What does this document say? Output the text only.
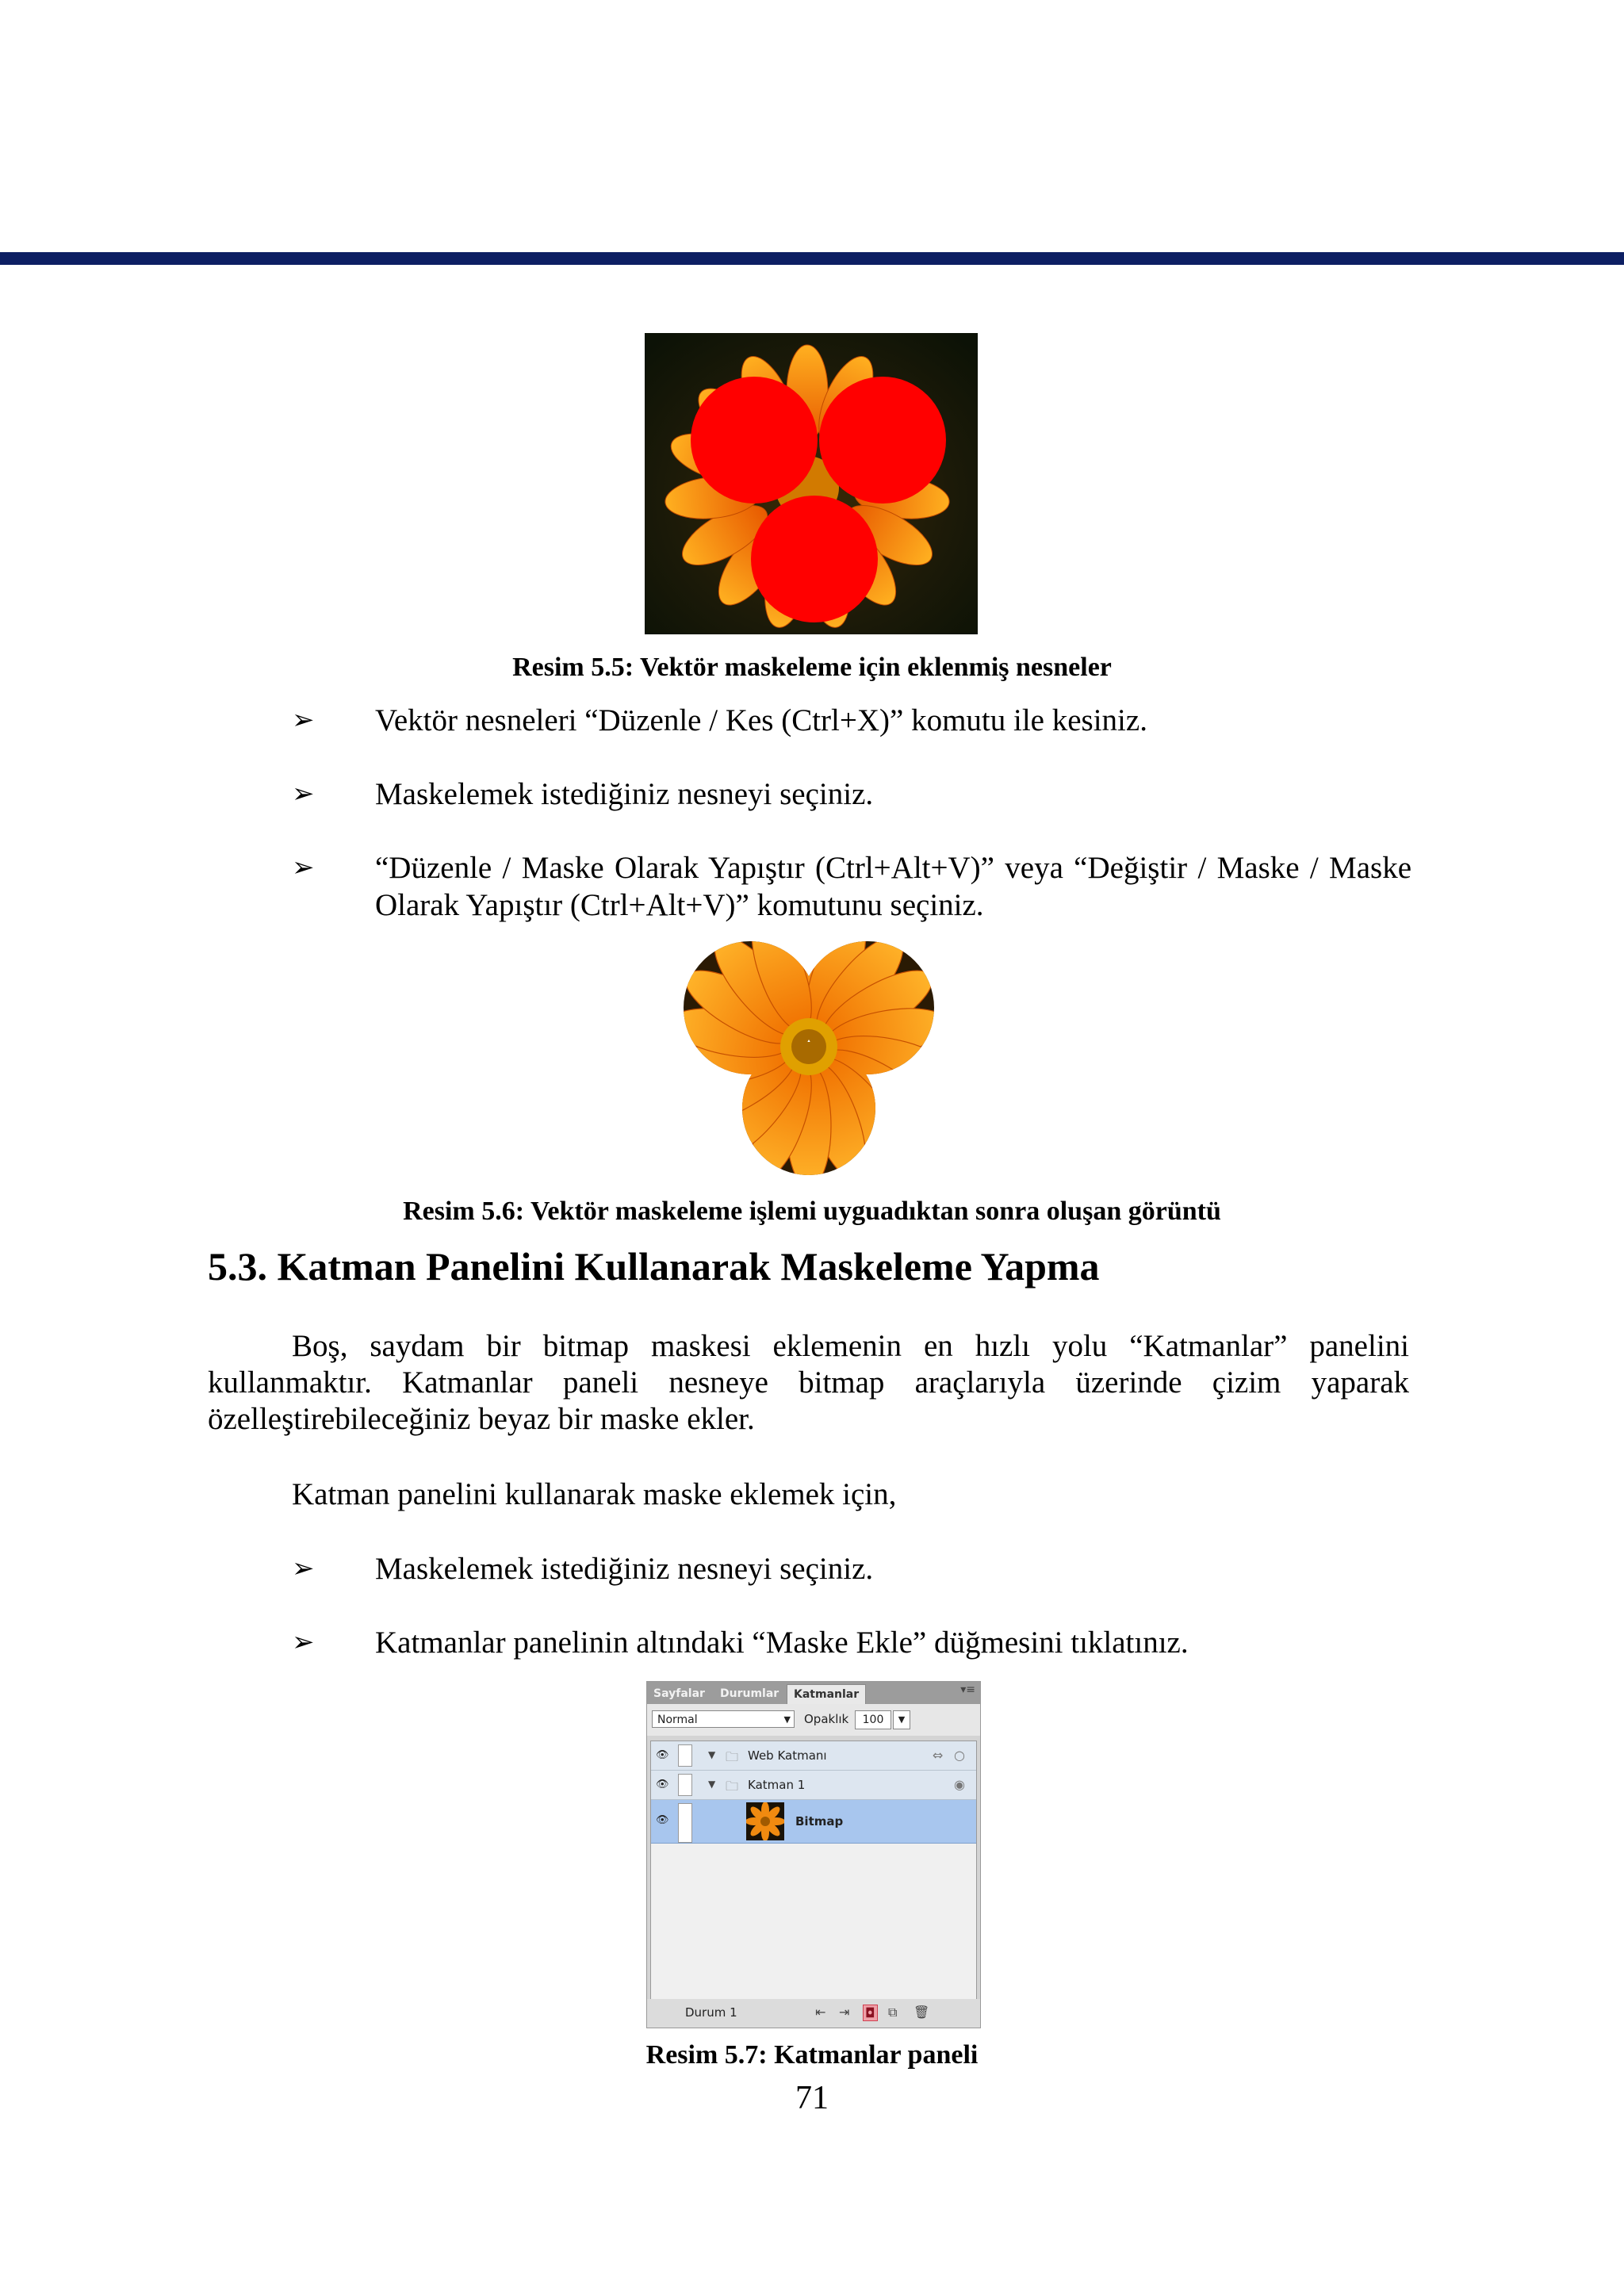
Resim 5.5: Vektör maskeleme için eklenmiş nesneler
➢ Vektör nesneleri “Düzenle / Kes (Ctrl+X)” komutu ile kesiniz.
➢ Maskelemek istediğiniz nesneyi seçiniz.
➢ “Düzenle / Maske Olarak Yapıştır (Ctrl+Alt+V)” veya “Değiştir / Maske / Maske Olarak Yapıştır (Ctrl+Alt+V)” komutunu seçiniz.
Resim 5.6: Vektör maskeleme işlemi uyguadıktan sonra oluşan görüntü
5.3. Katman Panelini Kullanarak Maskeleme Yapma
Boş, saydam bir bitmap maskesi eklemenin en hızlı yolu “Katmanlar” panelini kullanmaktır. Katmanlar paneli nesneye bitmap araçlarıyla üzerinde çizim yaparak özelleştirebileceğiniz beyaz bir maske ekler.
Katman panelini kullanarak maske eklemek için,
➢ Maskelemek istediğiniz nesneyi seçiniz.
➢ Katmanlar panelinin altındaki “Maske Ekle” düğmesini tıklatınız.
Sayfalar	Durumlar	Katmanlar	▾≡
Normal	▼ Opaklık	100	▼
👁	▼ 🗀 Web Katmanı	⇔ ○
👁	▼ 🗀 Katman 1	◉
👁	Bitmap
Durum 1	⇤ ⇥ ◘ ⧉ 🗑
Resim 5.7: Katmanlar paneli
71
